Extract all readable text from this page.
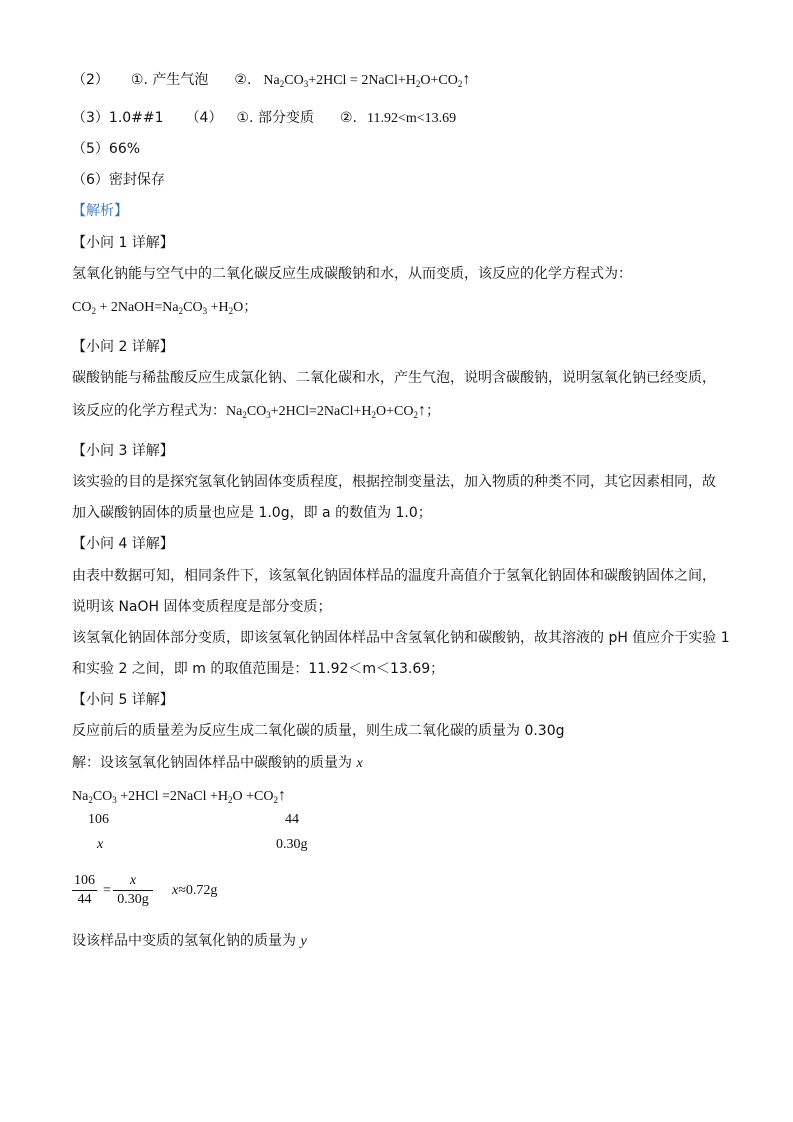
（2） ①. 产生气泡 ②. $Na_2CO_3+2HCl$ = $2NaCl+H_2O+CO_2↑$
（3）1.0##1 （4） ①. 部分变质 ②. 11.92<m<13.69
（5）66%
（6）密封保存
【解析】
【小问 1 详解】
氢氧化钠能与空气中的二氧化碳反应生成碳酸钠和水，从而变质，该反应的化学方程式为：
$CO_2$ + $2NaOH=Na_2CO_3 +H_2O$；
【小问 2 详解】
碳酸钠能与稀盐酸反应生成氯化钠、二氧化碳和水，产生气泡，说明含碳酸钠，说明氢氧化钠已经变质，
该反应的化学方程式为：$Na_2CO_3+2HCl=2NaCl+H_2O+CO_2↑$；
【小问 3 详解】
该实验的目的是探究氢氧化钠固体变质程度，根据控制变量法，加入物质的种类不同，其它因素相同，故
加入碳酸钠固体的质量也应是 1.0g，即 a 的数值为 1.0；
【小问 4 详解】
由表中数据可知，相同条件下，该氢氧化钠固体样品的温度升高值介于氢氧化钠固体和碳酸钠固体之间，
说明该 NaOH 固体变质程度是部分变质；
该氢氧化钠固体部分变质，即该氢氧化钠固体样品中含氢氧化钠和碳酸钠，故其溶液的 pH 值应介于实验 1
和实验 2 之间，即 m 的取值范围是：11.92＜m＜13.69；
【小问 5 详解】
反应前后的质量差为反应生成二氧化碳的质量，则生成二氧化碳的质量为 0.30g
解：设该氢氧化钠固体样品中碳酸钠的质量为 x
$Na_2CO_3 +2HCl$ =2NaCl $+H_2O$ $+CO_2↑$
106	44
x	0.30g
106
44
=
x
0.30g
x≈0.72g
设该样品中变质的氢氧化钠的质量为 y
